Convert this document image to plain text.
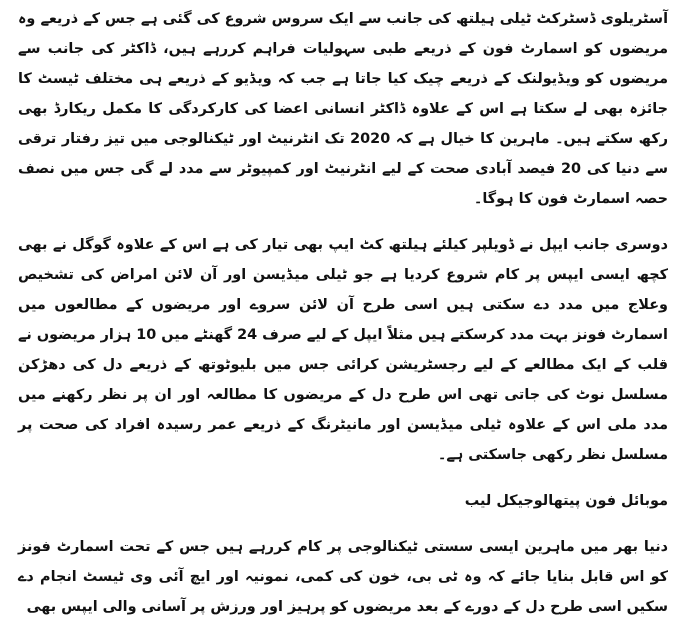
آسٹریلوی ڈسٹرکٹ ٹیلی ہیلتھ کی جانب سے ایک سروس شروع کی گئی ہے جس کے ذریعے وہ مریضوں کو اسمارٹ فون کے ذریعے طبی سہولیات فراہم کررہے ہیں، ڈاکٹر کی جانب سے مریضوں کو ویڈیولنک کے ذریعے چیک کیا جاتا ہے جب کہ ویڈیو کے ذریعے ہی مختلف ٹیسٹ کا جائزہ بھی لے سکتا ہے اس کے علاوہ ڈاکٹر انسانی اعضا کی کارکردگی کا مکمل ریکارڈ بھی رکھ سکتے ہیں۔ ماہرین کا خیال ہے کہ 2020 تک انٹرنیٹ اور ٹیکنالوجی میں تیز رفتار ترقی سے دنیا کی 20 فیصد آبادی صحت کے لیے انٹرنیٹ اور کمپیوٹر سے مدد لے گی جس میں نصف حصہ اسمارٹ فون کا ہوگا۔

دوسری جانب ایپل نے ڈویلپر کیلئے ہیلتھ کٹ ایپ بھی تیار کی ہے اس کے علاوہ گوگل نے بھی کچھ ایسی ایپس پر کام شروع کردیا ہے جو ٹیلی میڈیسن اور آن لائن امراض کی تشخیص وعلاج میں مدد دے سکتی ہیں اسی طرح آن لائن سروے اور مریضوں کے مطالعوں میں اسمارٹ فونز بہت مدد کرسکتے ہیں مثلاً ایپل کے لیے صرف 24 گھنٹے میں 10 ہزار مریضوں نے قلب کے ایک مطالعے کے لیے رجسٹریشن کرائی جس میں بلیوٹوتھ کے ذریعے دل کی دھڑکن مسلسل نوٹ کی جاتی تھی اس طرح دل کے مریضوں کا مطالعہ اور ان پر نظر رکھنے میں مدد ملی اس کے علاوہ ٹیلی میڈیسن اور مانیٹرنگ کے ذریعے عمر رسیدہ افراد کی صحت پر مسلسل نظر رکھی جاسکتی ہے۔

موبائل فون پیتھالوجیکل لیب

دنیا بھر میں ماہرین ایسی سستی ٹیکنالوجی پر کام کررہے ہیں جس کے تحت اسمارٹ فونز کو اس قابل بنایا جائے کہ وہ ٹی بی، خون کی کمی، نمونیہ اور ایچ آئی وی ٹیسٹ انجام دے سکیں اسی طرح دل کے دورے کے بعد مریضوں کو پرہیز اور ورزش پر آسانی والی ایپس بھی
